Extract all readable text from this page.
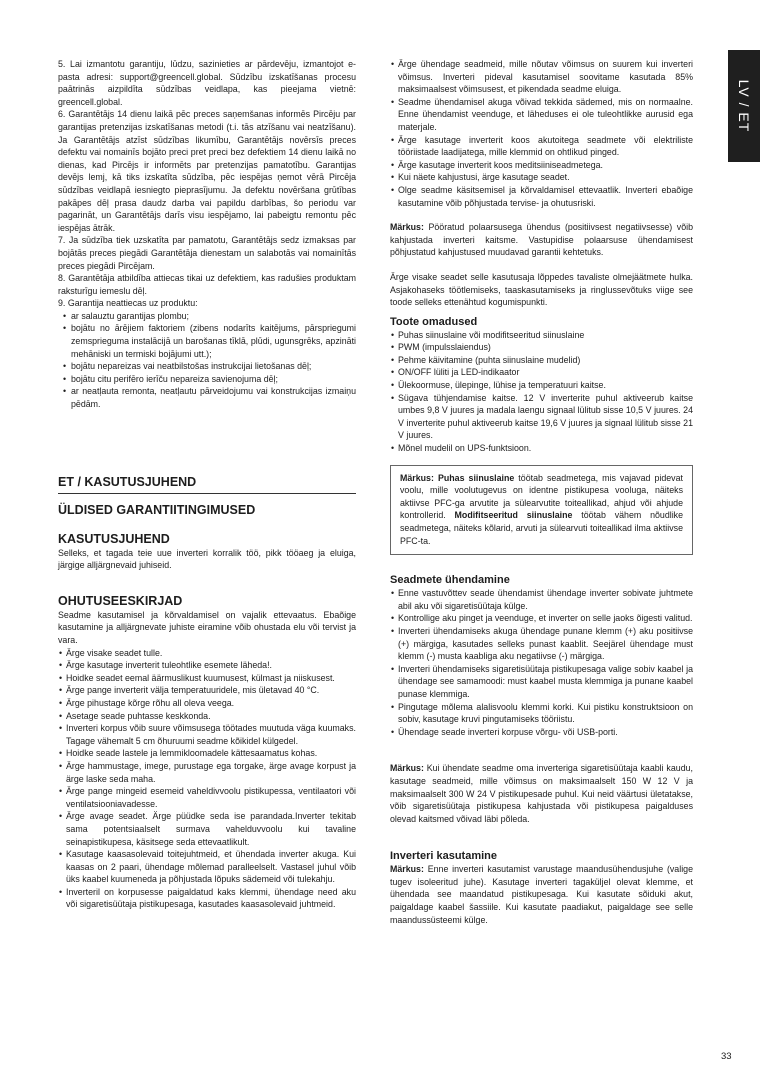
LV / ET

5. Lai izmantotu garantiju, lūdzu, sazinieties ar pārdevēju, izmantojot e-pasta adresi: support@greencell.global. Sūdzību izskatīšanas procesu paātrinās aizpildīta sūdzības veidlapa, kas pieejama vietnē: greencell.global.

6. Garantētājs 14 dienu laikā pēc preces saņemšanas informēs Pircēju par garantijas pretenzijas izskatīšanas metodi (t.i. tās atzīšanu vai neatzīšanu). Ja Garantētājs atzīst sūdzības likumību, Garantētājs novērsīs preces defektu vai nomainīs bojāto preci pret preci bez defektiem 14 dienu laikā no dienas, kad Pircējs ir informēts par pretenzijas pamatotību. Garantijas devējs lemj, kā tiks izskatīta sūdzība, pēc iespējas ņemot vērā Pircēja sūdzības veidlapā iesniegto pieprasījumu. Ja defektu novēršana grūtības pakāpes dēļ prasa daudz darba vai papildu darbības, šo periodu var pagarināt, un Garantētājs darīs visu iespējamo, lai pabeigtu remontu pēc iespējas ātrāk.

7. Ja sūdzība tiek uzskatīta par pamatotu, Garantētājs sedz izmaksas par bojātās preces piegādi Garantētāja dienestam un salabotās vai nomainītās preces piegādi Pircējam.

8. Garantētāja atbildība attiecas tikai uz defektiem, kas radušies produktam raksturīgu iemeslu dēļ.

9. Garantija neattiecas uz produktu:

• ar salauztu garantijas plombu;
• bojātu no ārējiem faktoriem (zibens nodarīts kaitējums, pārspriegumi zemsprieguma instalācijā un barošanas tīklā, plūdi, ugunsgrēks, apzināti mehāniski un termiski bojājumi utt.);
• bojātu nepareizas vai neatbilstošas instrukcijai lietošanas dēļ;
• bojātu citu perifēro ierīču nepareiza savienojuma dēļ;
• ar neatļauta remonta, neatļautu pārveidojumu vai konstrukcijas izmaiņu pēdām.
ET / KASUTUSJUHEND
ÜLDISED GARANTIITINGIMUSED
KASUTUSJUHEND

Selleks, et tagada teie uue inverteri korralik töö, pikk tööaeg ja eluiga, järgige alljärgnevaid juhiseid.

OHUTUSEESKIRJAD

Seadme kasutamisel ja kõrvaldamisel on vajalik ettevaatus. Ebaõige kasutamine ja alljärgnevate juhiste eiramine võib ohustada elu või tervist ja vara.

• Ärge visake seadet tulle.
• Ärge kasutage inverterit tuleohtlike esemete läheda!.
• Hoidke seadet eemal äärmuslikust kuumusest, külmast ja niiskusest.
• Ärge pange inverterit välja temperatuuridele, mis ületavad 40 °C.
• Ärge pihustage kõrge rõhu all oleva veega.
• Asetage seade puhtasse keskkonda.
• Inverteri korpus võib suure võimsusega töötades muutuda väga kuumaks. Tagage vähemalt 5 cm õhuruumi seadme kõikidel külgedel.
• Hoidke seade lastele ja lemmikloomadele kättesaamatus kohas.
• Ärge hammustage, imege, purustage ega torgake, ärge avage korpust ja ärge laske seda maha.
• Ärge pange mingeid esemeid vaheldivvoolu pistikupessa, ventilaatori või ventilatsiooniavadesse.
• Ärge avage seadet. Ärge püüdke seda ise parandada.Inverter tekitab sama potentsiaalselt surmava vahelduvvoolu kui tavaline seinapistikupesa, käsitsege seda ettevaatlikult.
• Kasutage kaasasolevaid toitejuhtmeid, et ühendada inverter akuga. Kui kaasas on 2 paari, ühendage mõlemad paralleelselt. Vastasel juhul võib üks kaabel kuumeneda ja põhjustada lõpuks sädemeid või tulekahju.
• Inverteril on korpusesse paigaldatud kaks klemmi, ühendage need aku või sigaretisüütaja pistikupesaga, kasutades kaasasolevaid juhtmeid.
• Ärge ühendage seadmeid, mille nõutav võimsus on suurem kui inverteri võimsus. Inverteri pideval kasutamisel soovitame kasutada 85% maksimaalsest võimsusest, et pikendada seadme eluiga.
• Seadme ühendamisel akuga võivad tekkida sädemed, mis on normaalne. Enne ühendamist veenduge, et läheduses ei ole tuleohtlikke aurusid ega materjale.
• Ärge kasutage inverterit koos akutoitega seadmete või elektriliste tööriistade laadijatega, mille klemmid on ohtlikud pinged.
• Ärge kasutage inverterit koos meditsiiniseadmetega.
• Kui näete kahjustusi, ärge kasutage seadet.
• Olge seadme käsitsemisel ja kõrvaldamisel ettevaatlik. Inverteri ebaõige kasutamine võib põhjustada tervise- ja ohutusriski.

Märkus: Pööratud polaarsusega ühendus (positiivsest negatiivsesse) võib kahjustada inverteri kaitsme. Vastupidise polaarsuse ühendamisest põhjustatud kahjustused muudavad garantii kehtetuks.

Ärge visake seadet selle kasutusaja lõppedes tavaliste olmejäätmete hulka. Asjakohaseks töötlemiseks, taaskasutamiseks ja ringlussevõtuks viige see toode selleks ettenähtud kogumispunkti.

Toote omadused
• Puhas siinuslaine või modifitseeritud siinuslaine
• PWM (impulsslaiendus)
• Pehme käivitamine (puhta siinuslaine mudelid)
• ON/OFF lüliti ja LED-indikaator
• Ülekoormuse, ülepinge, lühise ja temperatuuri kaitse.
• Sügava tühjendamise kaitse. 12 V inverterite puhul aktiveerub kaitse umbes 9,8 V juures ja madala laengu signaal lülitub sisse 10,5 V juures. 24 V inverterite puhul aktiveerub kaitse 19,6 V juures ja signaal lülitub sisse 21 V juures.
• Mõnel mudelil on UPS-funktsioon.

Märkus: Puhas siinuslaine töötab seadmetega, mis vajavad pidevat voolu, mille voolutugevus on identne pistikupesa vooluga, näiteks aktiivse PFC-ga arvutite ja sülearvutite toiteallikad, ahjud või ahjude kontrollerid. Modifitseeritud siinuslaine töötab vähem nõudlike seadmetega, näiteks kõlarid, arvuti ja sülearvuti toiteallikad ilma aktiivse PFC-ta.

Seadmete ühendamine
• Enne vastuvõttev seade ühendamist ühendage inverter sobivate juhtmete abil aku või sigaretisüütaja külge.
• Kontrollige aku pinget ja veenduge, et inverter on selle jaoks õigesti valitud.
• Inverteri ühendamiseks akuga ühendage punane klemm (+) aku positiivse (+) märgiga, kasutades selleks punast kaablit. Seejärel ühendage must klemm (-) musta kaabliga aku negatiivse (-) märgiga.
• Inverteri ühendamiseks sigaretisüütaja pistikupesaga valige sobiv kaabel ja ühendage see samamoodi: must kaabel musta klemmiga ja punane kaabel punase klemmiga.
• Pingutage mõlema alalisvoolu klemmi korki. Kui pistiku konstruktsioon on sobiv, kasutage kruvi pingutamiseks tööriistu.
• Ühendage seade inverteri korpuse võrgu- või USB-porti.

Märkus: Kui ühendate seadme oma inverteriga sigaretisüütaja kaabli kaudu, kasutage seadmeid, mille võimsus on maksimaalselt 150 W 12 V ja maksimaalselt 300 W 24 V pistikupesade puhul. Kui neid väärtusi ületatakse, võib sigaretisüütaja pistikupesa kahjustada või pistikupesa paigalduses olevad kaitsmed võivad läbi põleda.

Inverteri kasutamine

Märkus: Enne inverteri kasutamist varustage maandusühendusjuhe (valige tugev isoleeritud juhe). Kasutage inverteri tagaküljel olevat klemme, et ühendada see maandatud pistikupesaga. Kui kasutate sõiduki akut, paigaldage kaabel šassiile. Kui kasutate paadiakut, paigaldage see selle maandussüsteemi külge.

33
